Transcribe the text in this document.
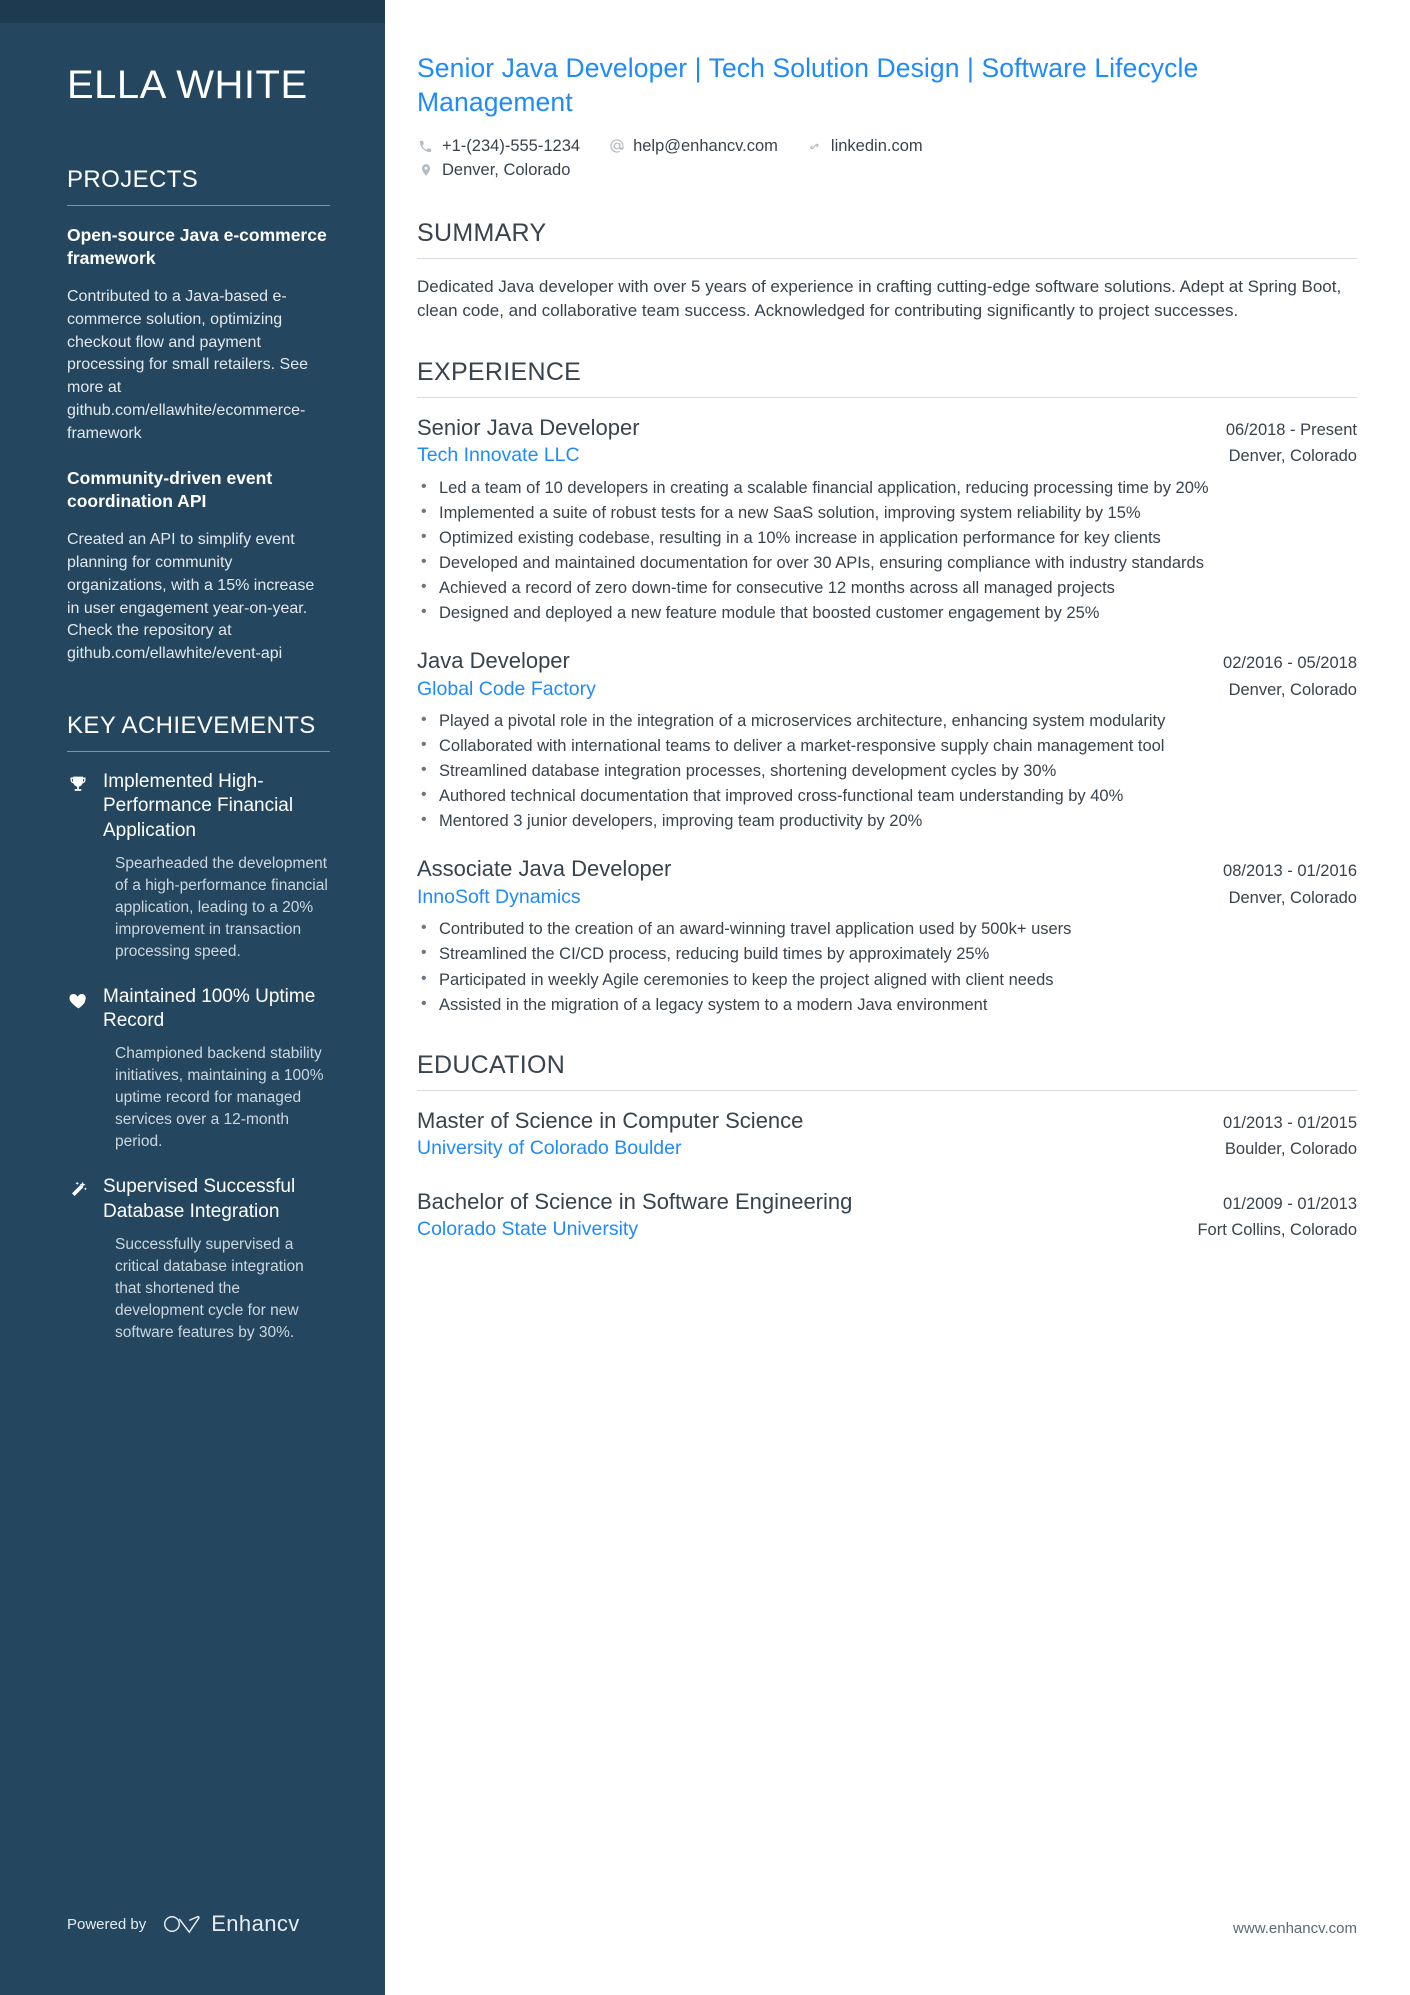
ELLA WHITE
PROJECTS
Open-source Java e-commerce framework
Contributed to a Java-based e-commerce solution, optimizing checkout flow and payment processing for small retailers. See more at github.com/ellawhite/ecommerce-framework
Community-driven event coordination API
Created an API to simplify event planning for community organizations, with a 15% increase in user engagement year-on-year. Check the repository at github.com/ellawhite/event-api
KEY ACHIEVEMENTS
Implemented High-Performance Financial Application
Spearheaded the development of a high-performance financial application, leading to a 20% improvement in transaction processing speed.
Maintained 100% Uptime Record
Championed backend stability initiatives, maintaining a 100% uptime record for managed services over a 12-month period.
Supervised Successful Database Integration
Successfully supervised a critical database integration that shortened the development cycle for new software features by 30%.
Powered by	Enhancv
Senior Java Developer | Tech Solution Design | Software Lifecycle Management
+1-(234)-555-1234	help@enhancv.com	linkedin.com
Denver, Colorado
SUMMARY

Dedicated Java developer with over 5 years of experience in crafting cutting-edge software solutions. Adept at Spring Boot, clean code, and collaborative team success. Acknowledged for contributing significantly to project successes.

EXPERIENCE
Senior Java Developer	06/2018 - Present
Tech Innovate LLC	Denver, Colorado
• Led a team of 10 developers in creating a scalable financial application, reducing processing time by 20%
• Implemented a suite of robust tests for a new SaaS solution, improving system reliability by 15%
• Optimized existing codebase, resulting in a 10% increase in application performance for key clients
• Developed and maintained documentation for over 30 APIs, ensuring compliance with industry standards
• Achieved a record of zero down-time for consecutive 12 months across all managed projects
• Designed and deployed a new feature module that boosted customer engagement by 25%
Java Developer	02/2016 - 05/2018
Global Code Factory	Denver, Colorado
• Played a pivotal role in the integration of a microservices architecture, enhancing system modularity
• Collaborated with international teams to deliver a market-responsive supply chain management tool
• Streamlined database integration processes, shortening development cycles by 30%
• Authored technical documentation that improved cross-functional team understanding by 40%
• Mentored 3 junior developers, improving team productivity by 20%
Associate Java Developer	08/2013 - 01/2016
InnoSoft Dynamics	Denver, Colorado
• Contributed to the creation of an award-winning travel application used by 500k+ users
• Streamlined the CI/CD process, reducing build times by approximately 25%
• Participated in weekly Agile ceremonies to keep the project aligned with client needs
• Assisted in the migration of a legacy system to a modern Java environment
EDUCATION
Master of Science in Computer Science	01/2013 - 01/2015
University of Colorado Boulder	Boulder, Colorado
Bachelor of Science in Software Engineering	01/2009 - 01/2013
Colorado State University	Fort Collins, Colorado
www.enhancv.com
